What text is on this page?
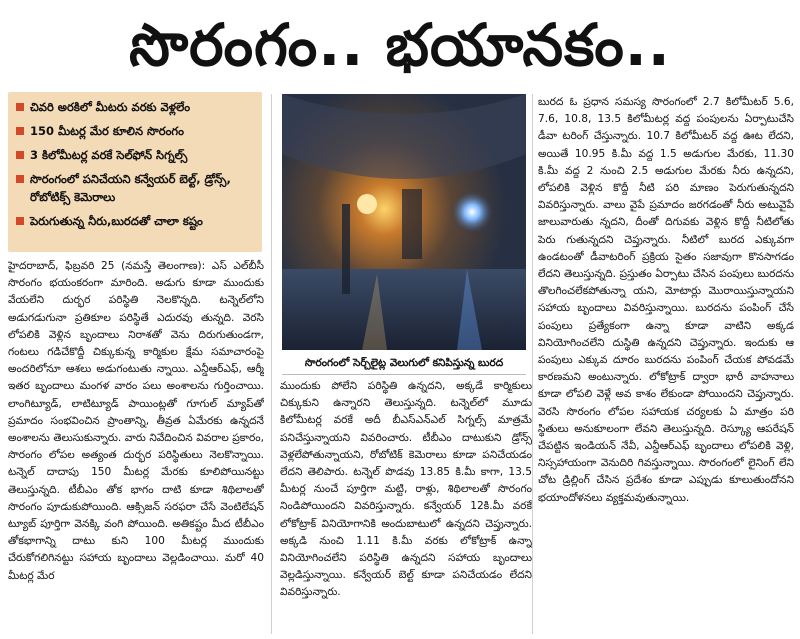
సొరంగం.. భయానకం..
చివరి అరకిలో మీటరు వరకు వెళ్లలేం
150 మీటర్ల మేర కూలిన సొరంగం
3 కిలోమీటర్ల వరకే సెల్‌ఫోన్ సిగ్నల్స్
సొరంగంలో పనిచేయని కన్వేయర్ బెల్ట్, డ్రోన్స్, రోబోటిక్స్ కెమెరాలు
పెరుగుతున్న నీరు,బురదతో చాలా కష్టం

హైదరాబాద్, ఫిబ్రవరి 25 (నమస్తే తెలంగాణ): ఎస్ ఎల్‌బీసీ సొరంగం భయంకరంగా మారింది. అడుగు కూడా ముందుకు వేయలేని దుర్భర పరిస్థితి నెలకొన్నది. టన్నెల్‌లోని అడుగడుగునా ప్రతికూల పరిస్థితే ఎదురవు తున్నది. వెరసి లోపలికి వెళ్లిన బృందాలు నిరాశతో వెను దిరుగుతుండగా, గంటలు గడిచేకొద్దీ చిక్కుకున్న కార్మికుల క్షేమ సమాచారంపై అందరిలోనూ ఆశలు అడుగంటుతు న్నాయి. ఎన్డీఆర్‌ఎఫ్, ఆర్మీ ఇతర బృందాలు మంగళ వారం పలు అంశాలను గుర్తించాయి. లాంగిట్యూడ్, లాటిట్యూడ్ పాయింట్లతో గూగుల్ మ్యాప్‌తో ప్రమాదం సంభవించిన ప్రాంతాన్ని, తీవ్రత ఏమేరకు ఉన్నదనే అంశాలను తెలుసుకున్నారు. వారు నివేదించిన వివరాల ప్రకారం, సొరంగం లోపల అత్యంత దుర్భర పరిస్థితులు నెలకొన్నాయి. టన్నెల్ దాదాపు 150 మీటర్ల మేరకు కూలిపోయినట్టు తెలుస్తున్నది. టీబీఎం తోక భాగం దాటి కూడా శిథిలాలతో సొరంగం పూడుకుపోయింది. ఆక్సిజన్ సరఫరా చేసే వెంటిలేషన్ ట్యూబ్ పూర్తిగా వెనక్కి వంగి పోయింది. అతికష్టం మీద టీబీఎం తోకభాగాన్ని దాటు కుని 100 మీటర్ల ముందుకు చేరుకోగలిగినట్టు సహాయ బృందాలు వెల్లడించాయి. మరో 40 మీటర్ల మేర

సొరంగంలో సెర్చ్‌లైట్ల వెలుగులో కనిపిస్తున్న బురద

ముందుకు పోలేని పరిస్థితి ఉన్నదని, అక్కడే కార్మికులు చిక్కుకుని ఉన్నారని తెలుస్తున్నది. టన్నెల్‌లో మూడు కిలోమీటర్ల వరకే అదీ బీఎస్ఎన్ఎల్ సిగ్నల్స్ మాత్రమే పనిచేస్తున్నాయని వివరించారు. టీబీఎం దాటుకుని డ్రోన్స్ వెళ్లలేపోతున్నాయని, రోబోటిక్ కెమెరాలు కూడా పనిచేయడం లేదని తెలిపారు. టన్నెల్ పొడవు 13.85 కి.మీ కాగా, 13.5 మీటర్ల నుంచే పూర్తిగా మట్టి, రాళ్లు, శిథిలాలతో సొరంగం నిండిపోయిందని వివరిస్తున్నారు. కన్వేయర్ 12కి.మీ వరకే లోకోట్రాక్ వినియోగానికి అందుబాటులో ఉన్నదని చెప్తున్నారు. అక్కడి నుంచి 1.11 కి.మీ వరకు లోకోట్రాక్ ఉన్నా వినియోగించలేని పరిస్థితి ఉన్నదని సహాయ బృందాలు వెల్లడిస్తున్నాయి. కన్వేయర్ బెల్ట్ కూడా పనిచేయడం లేదని వివరిస్తున్నారు.

బురద ఓ ప్రధాన సమస్య సొరంగంలో 2.7 కిలోమీటర్ 5.6, 7.6, 10.8, 13.5 కిలోమీటర్ల వద్ద పంపులను ఏర్పాటుచేసి డీవా టరింగ్ చేస్తున్నారు. 10.7 కిలోమీటర్ వద్ద ఊట లేదని, అయితే 10.95 కి.మీ వద్ద 1.5 అడుగుల మేరకు, 11.30 కి.మీ వద్ద 2 నుంచి 2.5 అడుగుల మేరకు నీరు ఉన్నదని, లోపలికి వెళ్లిన కొద్దీ నీటి పరి మాణం పెరుగుతున్నదని వివరిస్తున్నారు. వాలు వైపే ప్రమాదం జరగడంతో నీరు అటువైపే జాలువారుతు న్నదని, దీంతో దిగువకు వెళ్లిన కొద్దీ నీటిలోతు పెరు గుతున్నదని చెప్తున్నారు. నీటిలో బురద ఎక్కువగా ఉండటంతో డీవాటరింగ్ ప్రక్రియ సైతం సజావుగా కొనసాగడం లేదని తెలుస్తున్నది. ప్రస్తుతం ఏర్పాటు చేసిన పంపులు బురదను తొలగించలేకపోతున్నా యని, మోటార్లు మొరాయిస్తున్నాయని సహాయ బృందాలు వివరిస్తున్నాయి. బురదను పంపింగ్ చేసే పంపులు ప్రత్యేకంగా ఉన్నా కూడా వాటిని అక్కడ వినియోగించలేని దుస్థితి ఉన్నదని చెప్తున్నారు. ఇందుకు ఆ పంపులు ఎక్కువ దూరం బురదను పంపింగ్ చేయక పోవడమే కారణమని అంటున్నారు. లోకోట్రాక్ ద్వారా భారీ వాహనాలు కూడా లోపలి వెళ్లే అవ కాశం లేకుండా పోయిందని చెప్తున్నారు. వెరసి సొరంగం లోపల సహాయక చర్యలకు ఏ మాత్రం పరి స్థితులు అనుకూలంగా లేవని తెలుస్తున్నది. రెస్క్యూ ఆపరేషన్ చేపట్టిన ఇండియన్ నేవీ, ఎన్డీఆర్‌ఎఫ్ బృందాలు లోపలికి వెళ్లి, నిస్సహాయంగా వెనుదిరి గివస్తున్నాయి. సొరంగంలో లైనింగ్ లేని చోట డ్రిల్లింగ్ చేసిన ప్రదేశం కూడా ఎప్పుడు కూలుతుందోనని భయాందోళనలు వ్యక్తమవుతున్నాయి.
